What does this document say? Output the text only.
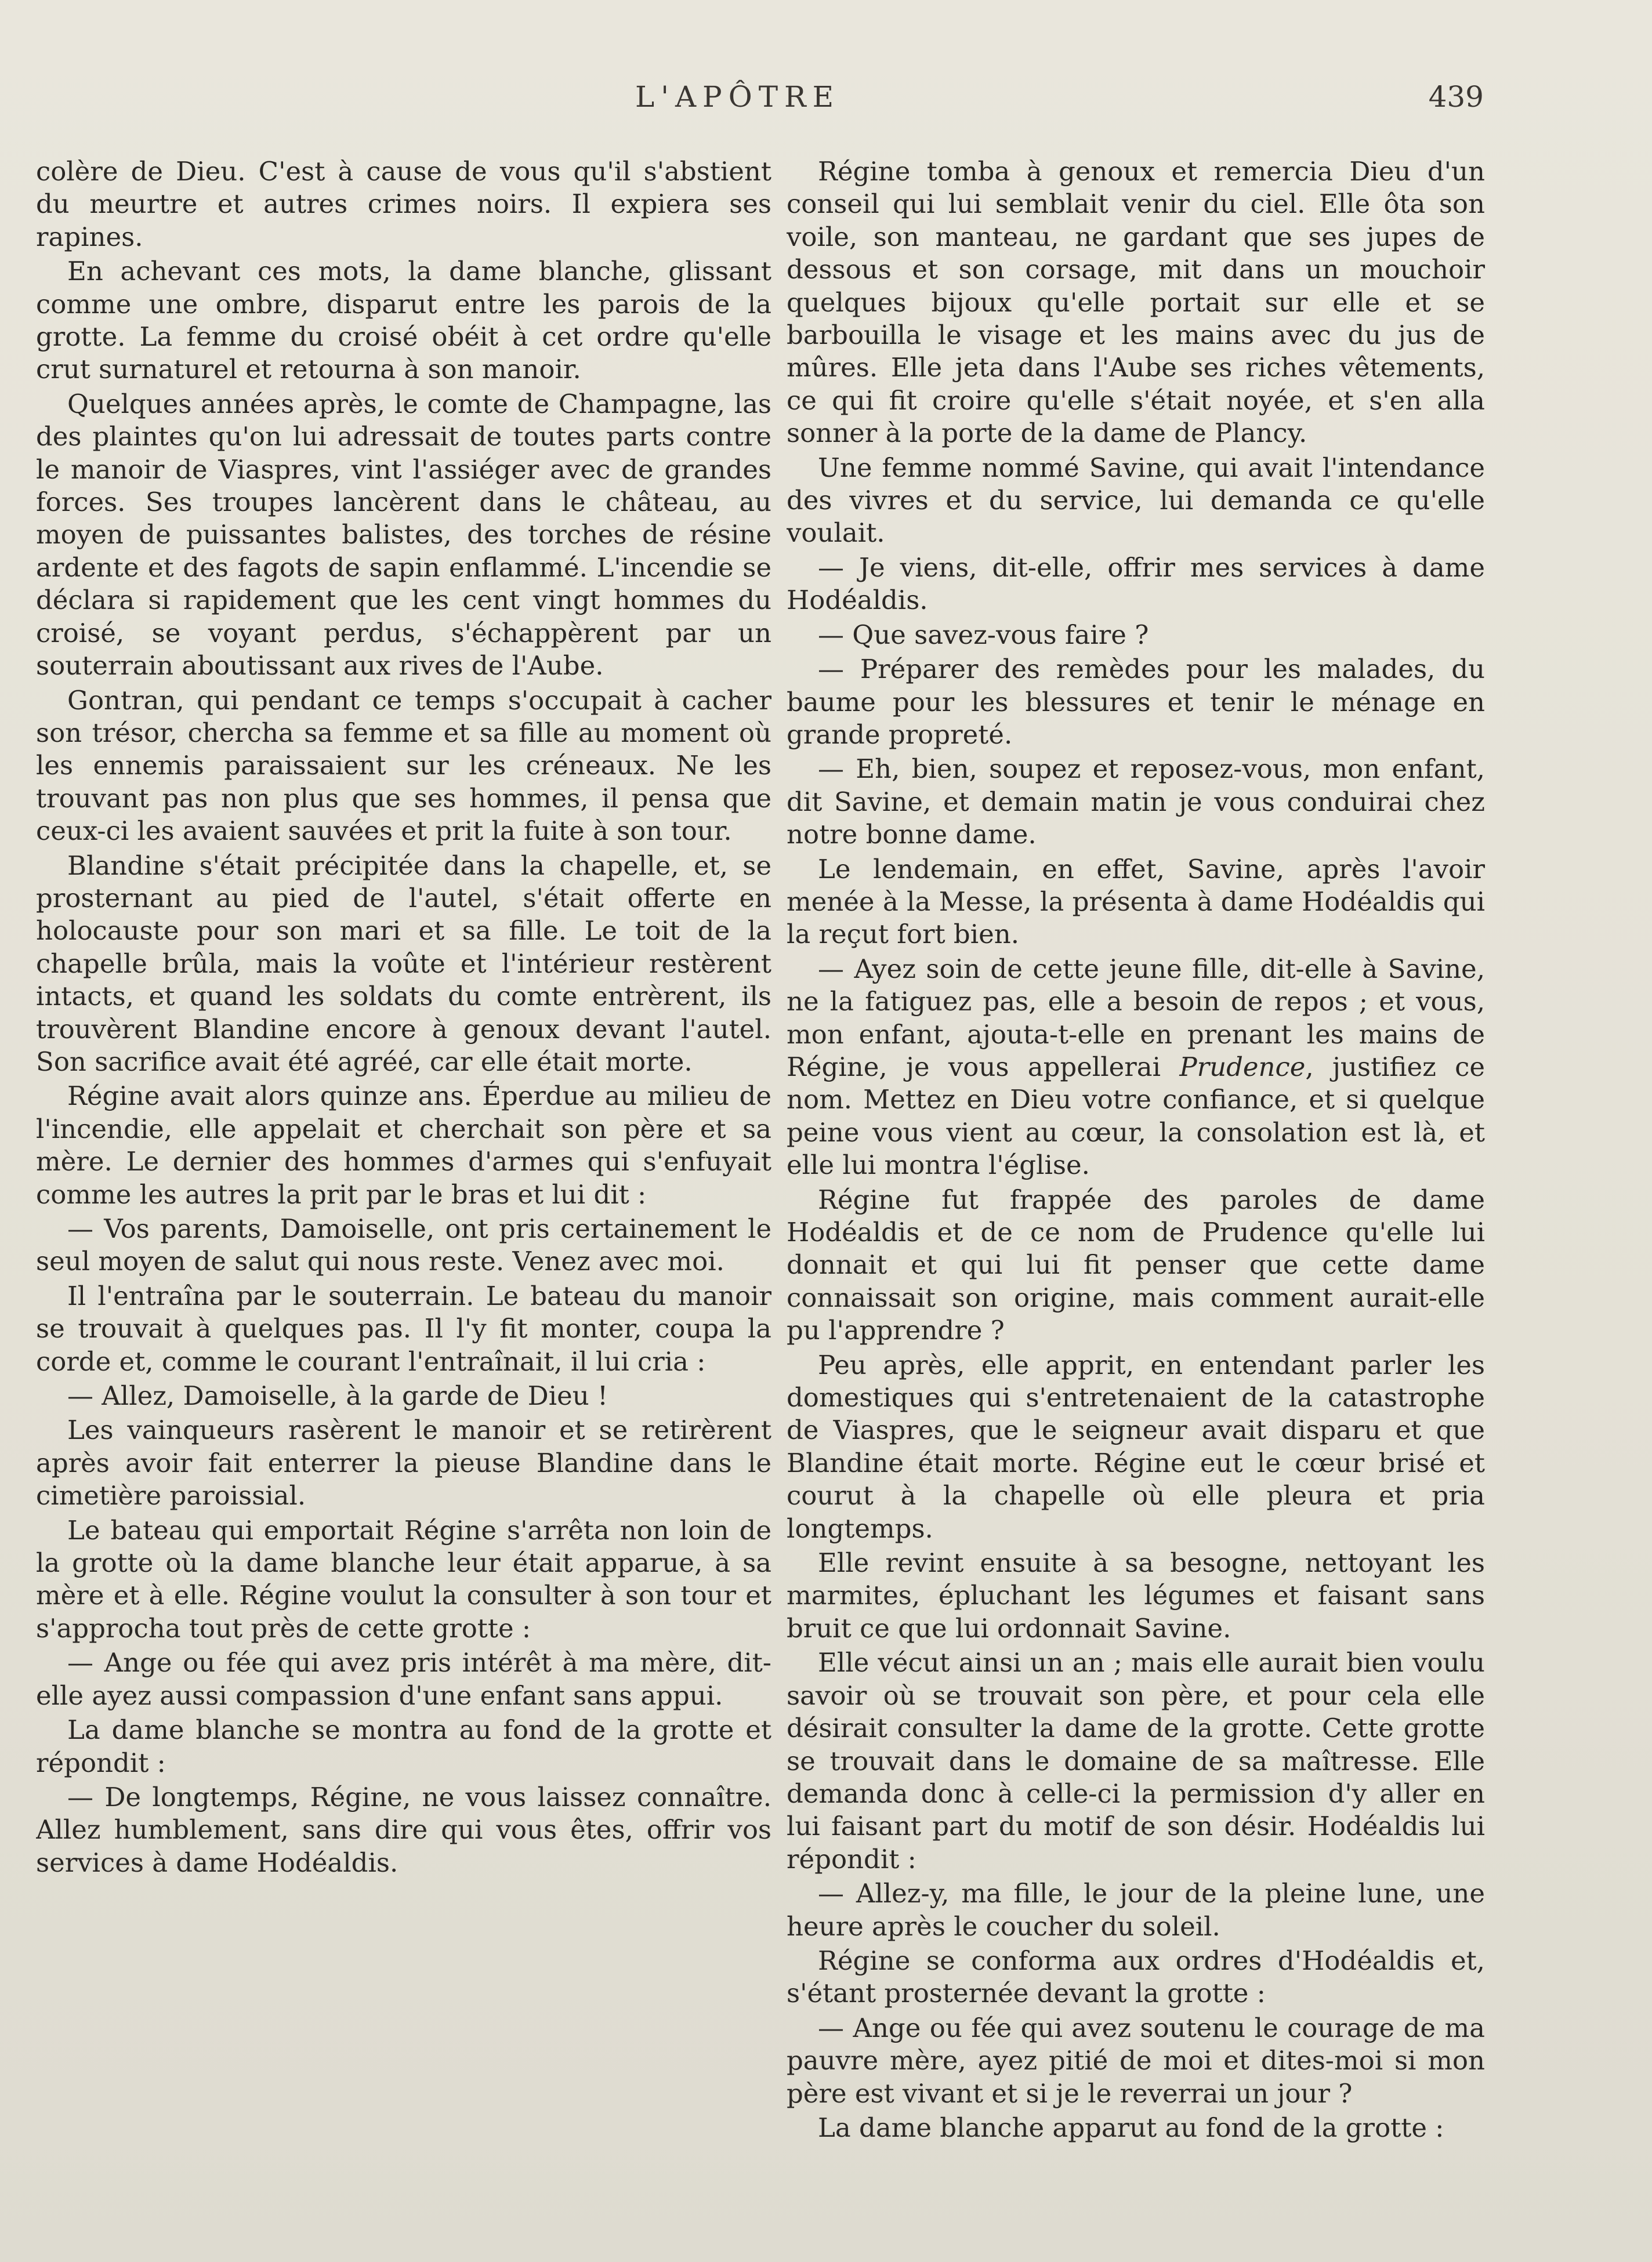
L'APÔTRE	439

colère de Dieu. C'est à cause de vous qu'il s'abstient du meurtre et autres crimes noirs. Il expiera ses rapines.

En achevant ces mots, la dame blanche, glissant comme une ombre, disparut entre les parois de la grotte. La femme du croisé obéit à cet ordre qu'elle crut surnaturel et retourna à son manoir.

Quelques années après, le comte de Champagne, las des plaintes qu'on lui adressait de toutes parts contre le manoir de Viaspres, vint l'assiéger avec de grandes forces. Ses troupes lancèrent dans le château, au moyen de puissantes balistes, des torches de résine ardente et des fagots de sapin enflammé. L'incendie se déclara si rapidement que les cent vingt hommes du croisé, se voyant perdus, s'échappèrent par un souterrain aboutissant aux rives de l'Aube.

Gontran, qui pendant ce temps s'occupait à cacher son trésor, chercha sa femme et sa fille au moment où les ennemis paraissaient sur les créneaux. Ne les trouvant pas non plus que ses hommes, il pensa que ceux-ci les avaient sauvées et prit la fuite à son tour.

Blandine s'était précipitée dans la chapelle, et, se prosternant au pied de l'autel, s'était offerte en holocauste pour son mari et sa fille. Le toit de la chapelle brûla, mais la voûte et l'intérieur restèrent intacts, et quand les soldats du comte entrèrent, ils trouvèrent Blandine encore à genoux devant l'autel. Son sacrifice avait été agréé, car elle était morte.

Régine avait alors quinze ans. Éperdue au milieu de l'incendie, elle appelait et cherchait son père et sa mère. Le dernier des hommes d'armes qui s'enfuyait comme les autres la prit par le bras et lui dit :

— Vos parents, Damoiselle, ont pris certainement le seul moyen de salut qui nous reste. Venez avec moi.

Il l'entraîna par le souterrain. Le bateau du manoir se trouvait à quelques pas. Il l'y fit monter, coupa la corde et, comme le courant l'entraînait, il lui cria :

— Allez, Damoiselle, à la garde de Dieu !

Les vainqueurs rasèrent le manoir et se retirèrent après avoir fait enterrer la pieuse Blandine dans le cimetière paroissial.

Le bateau qui emportait Régine s'arrêta non loin de la grotte où la dame blanche leur était apparue, à sa mère et à elle. Régine voulut la consulter à son tour et s'approcha tout près de cette grotte :

— Ange ou fée qui avez pris intérêt à ma mère, dit-elle ayez aussi compassion d'une enfant sans appui.

La dame blanche se montra au fond de la grotte et répondit :

— De longtemps, Régine, ne vous laissez connaître. Allez humblement, sans dire qui vous êtes, offrir vos services à dame Hodéaldis.

Régine tomba à genoux et remercia Dieu d'un conseil qui lui semblait venir du ciel. Elle ôta son voile, son manteau, ne gardant que ses jupes de dessous et son corsage, mit dans un mouchoir quelques bijoux qu'elle portait sur elle et se barbouilla le visage et les mains avec du jus de mûres. Elle jeta dans l'Aube ses riches vêtements, ce qui fit croire qu'elle s'était noyée, et s'en alla sonner à la porte de la dame de Plancy.

Une femme nommé Savine, qui avait l'intendance des vivres et du service, lui demanda ce qu'elle voulait.

— Je viens, dit-elle, offrir mes services à dame Hodéaldis.

— Que savez-vous faire ?

— Préparer des remèdes pour les malades, du baume pour les blessures et tenir le ménage en grande propreté.

— Eh, bien, soupez et reposez-vous, mon enfant, dit Savine, et demain matin je vous conduirai chez notre bonne dame.

Le lendemain, en effet, Savine, après l'avoir menée à la Messe, la présenta à dame Hodéaldis qui la reçut fort bien.

— Ayez soin de cette jeune fille, dit-elle à Savine, ne la fatiguez pas, elle a besoin de repos ; et vous, mon enfant, ajouta-t-elle en prenant les mains de Régine, je vous appellerai Prudence, justifiez ce nom. Mettez en Dieu votre confiance, et si quelque peine vous vient au cœur, la consolation est là, et elle lui montra l'église.

Régine fut frappée des paroles de dame Hodéaldis et de ce nom de Prudence qu'elle lui donnait et qui lui fit penser que cette dame connaissait son origine, mais comment aurait-elle pu l'apprendre ?

Peu après, elle apprit, en entendant parler les domestiques qui s'entretenaient de la catastrophe de Viaspres, que le seigneur avait disparu et que Blandine était morte. Régine eut le cœur brisé et courut à la chapelle où elle pleura et pria longtemps.

Elle revint ensuite à sa besogne, nettoyant les marmites, épluchant les légumes et faisant sans bruit ce que lui ordonnait Savine.

Elle vécut ainsi un an ; mais elle aurait bien voulu savoir où se trouvait son père, et pour cela elle désirait consulter la dame de la grotte. Cette grotte se trouvait dans le domaine de sa maîtresse. Elle demanda donc à celle-ci la permission d'y aller en lui faisant part du motif de son désir. Hodéaldis lui répondit :

— Allez-y, ma fille, le jour de la pleine lune, une heure après le coucher du soleil.

Régine se conforma aux ordres d'Hodéaldis et, s'étant prosternée devant la grotte :

— Ange ou fée qui avez soutenu le courage de ma pauvre mère, ayez pitié de moi et dites-moi si mon père est vivant et si je le reverrai un jour ?

La dame blanche apparut au fond de la grotte :
